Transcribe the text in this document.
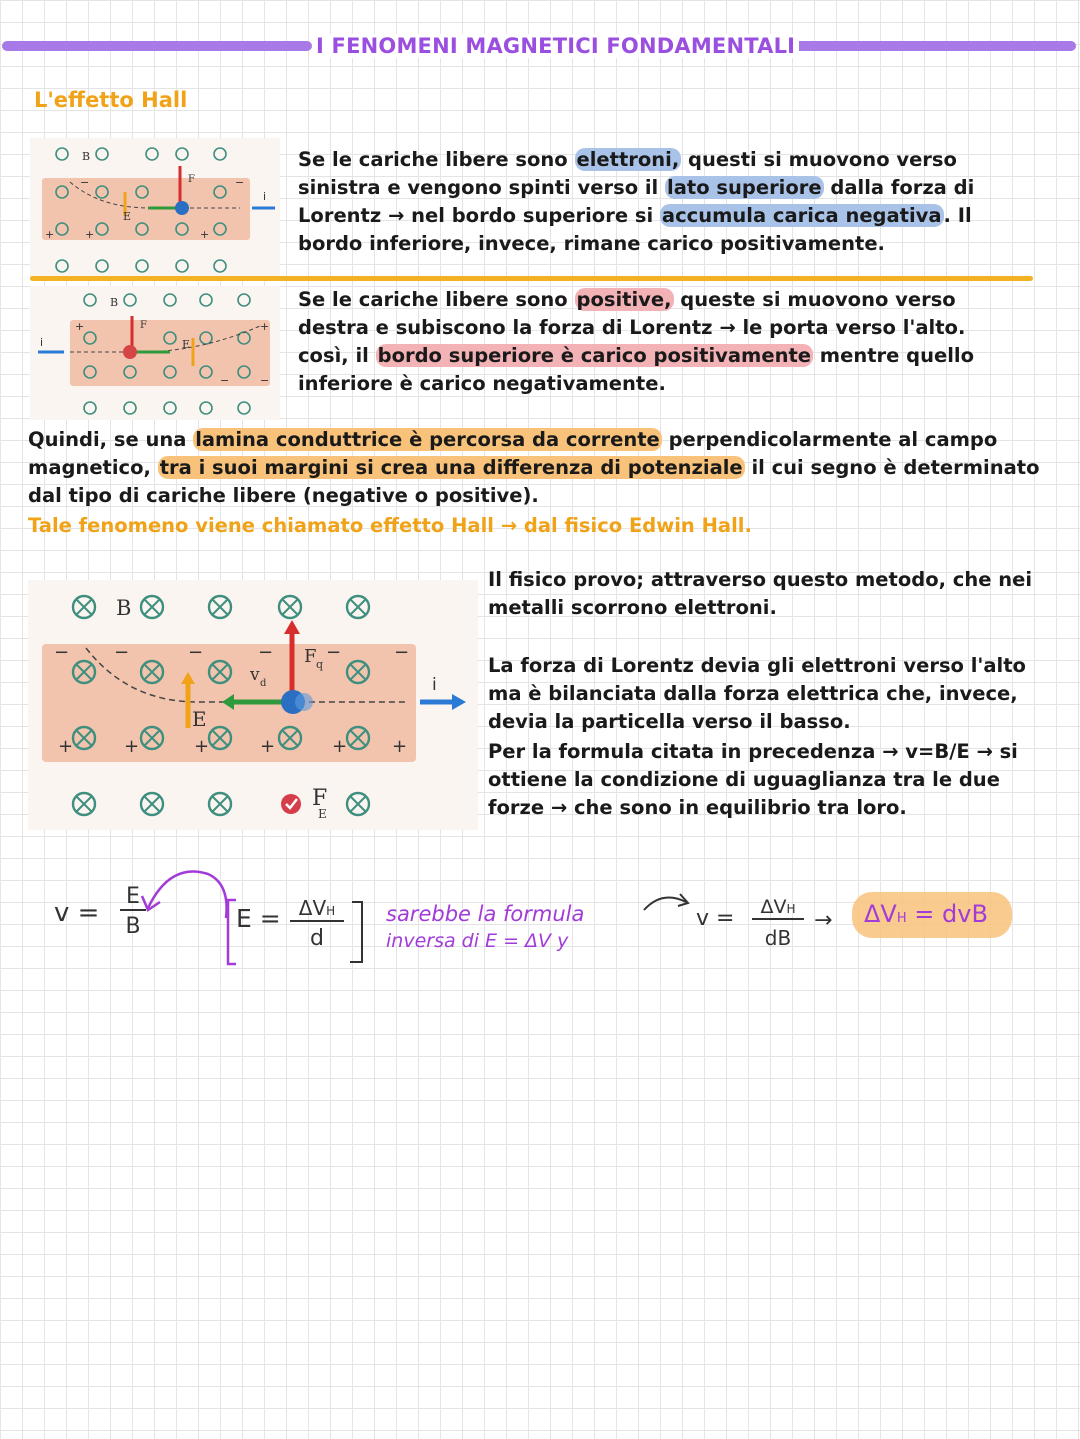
I FENOMENI MAGNETICI FONDAMENTALI
L'effetto Hall
B
E
F
i
+	+	+
−	−
Se le cariche libere sono elettroni, questi si muovono verso sinistra e vengono spinti verso il lato superiore dalla forza di Lorentz → nel bordo superiore si accumula carica negativa . Il bordo inferiore, invece, rimane carico positivamente.
B
E
F
i
+	+
−	−
Se le cariche libere sono positive, queste si muovono verso destra e subiscono la forza di Lorentz → le porta verso l'alto. così, il bordo superiore è carico positivamente mentre quello inferiore è carico negativamente.
Quindi, se una lamina conduttrice è percorsa da corrente perpendicolarmente al campo magnetico, tra i suoi margini si crea una differenza di potenziale il cui segno è determinato dal tipo di cariche libere (negative o positive).
Tale fenomeno viene chiamato effetto Hall → dal fisico Edwin Hall.
B
E
F q
v d	i
F
E
+	+	+	+	+ +
− −	−	−	−	−
Il fisico provo; attraverso questo metodo, che nei metalli scorrono elettroni.
La forza di Lorentz devia gli elettroni verso l'alto ma è bilanciata dalla forza elettrica che, invece, devia la particella verso il basso.
Per la formula citata in precedenza → v=B/E → si ottiene la condizione di uguaglianza tra le due forze → che sono in equilibrio tra loro.
v =
E
B	E = ΔVH
d
sarebbe la formula
inversa di E = ΔV y
v =	ΔVH
dB
→ ΔVH = dvB
